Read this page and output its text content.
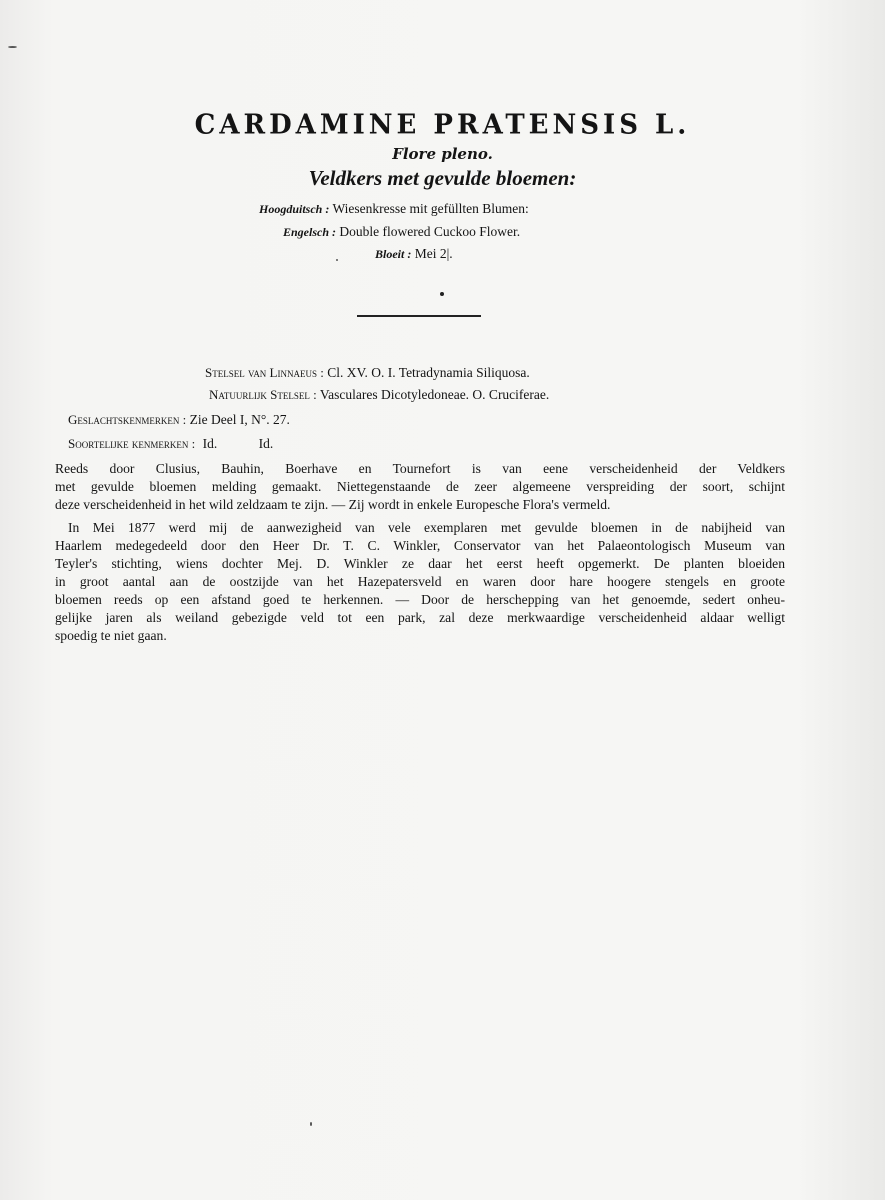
CARDAMINE PRATENSIS L.
Flore pleno.
Veldkers met gevulde bloemen:
Hoogduitsch : Wiesenkresse mit gefüllten Blumen:
Engelsch : Double flowered Cuckoo Flower.
Bloeit : Mei 2|.
Stelsel van Linnaeus : Cl. XV. O. I. Tetradynamia Siliquosa.
Natuurlijk Stelsel : Vasculares Dicotyledoneae. O. Cruciferae.
Geslachtskenmerken : Zie Deel I, N°. 27.
Soortelijke kenmerken : Id.	Id.
Reeds door Clusius, Bauhin, Boerhave en Tournefort is van eene verscheidenheid der Veldkers
met gevulde bloemen melding gemaakt. Niettegenstaande de zeer algemeene verspreiding der soort, schijnt
deze verscheidenheid in het wild zeldzaam te zijn. — Zij wordt in enkele Europesche Flora's vermeld.
In Mei 1877 werd mij de aanwezigheid van vele exemplaren met gevulde bloemen in de nabijheid van
Haarlem medegedeeld door den Heer Dr. T. C. Winkler, Conservator van het Palaeontologisch Museum van
Teyler's stichting, wiens dochter Mej. D. Winkler ze daar het eerst heeft opgemerkt. De planten bloeiden
in groot aantal aan de oostzijde van het Hazepatersveld en waren door hare hoogere stengels en groote
bloemen reeds op een afstand goed te herkennen. — Door de herschepping van het genoemde, sedert onheu-
gelijke jaren als weiland gebezigde veld tot een park, zal deze merkwaardige verscheidenheid aldaar welligt
spoedig te niet gaan.
